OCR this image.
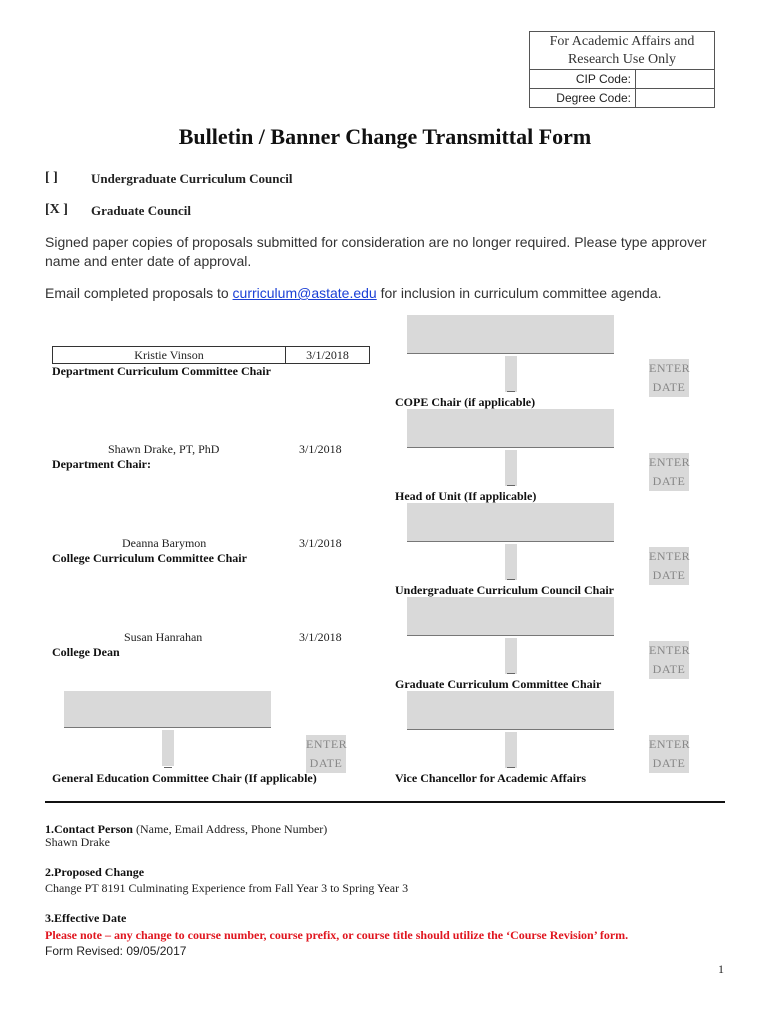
For Academic Affairs and Research Use Only
CIP Code:
Degree Code:
Bulletin / Banner Change Transmittal Form
[ ]	Undergraduate Curriculum Council
[X ] Graduate Council
Signed paper copies of proposals submitted for consideration are no longer required. Please type approver name and enter date of approval.
Email completed proposals to curriculum@astate.edu for inclusion in curriculum committee agenda.
Kristie Vinson	3/1/2018
Department Curriculum Committee Chair
Shawn Drake, PT, PhD	3/1/2018
Department Chair:
Deanna Barymon	3/1/2018
College Curriculum Committee Chair
Susan Hanrahan	3/1/2018
College Dean
ENTER
DATE
General Education Committee Chair (If applicable)
ENTER
DATE
COPE Chair (if applicable)
ENTER
DATE
Head of Unit (If applicable)
ENTER
DATE
Undergraduate Curriculum Council Chair
ENTER
DATE
Graduate Curriculum Committee Chair
ENTER
DATE
Vice Chancellor for Academic Affairs
1.Contact Person (Name, Email Address, Phone Number)
Shawn Drake
2.Proposed Change
Change PT 8191 Culminating Experience from Fall Year 3 to Spring Year 3
3.Effective Date
Please note – any change to course number, course prefix, or course title should utilize the ‘Course Revision’ form.
Form Revised: 09/05/2017
1
